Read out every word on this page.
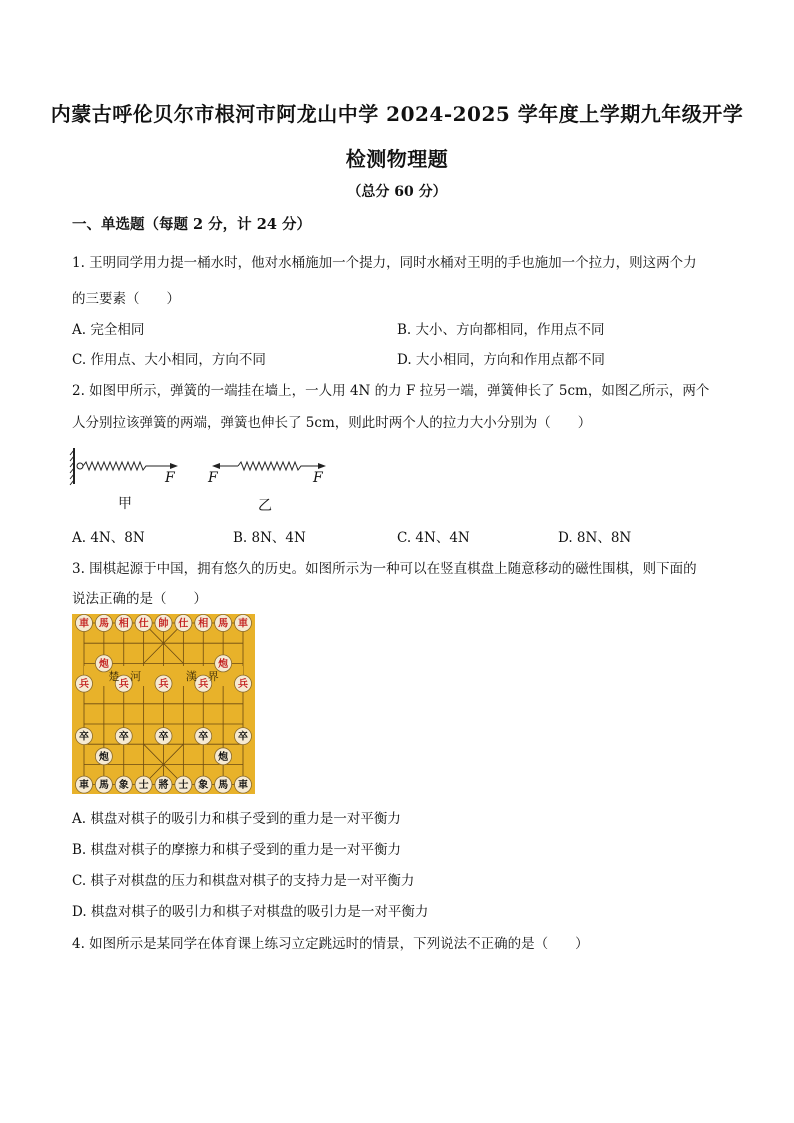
内蒙古呼伦贝尔市根河市阿龙山中学 2024-2025 学年度上学期九年级开学
检测物理题
（总分 60 分）
一、单选题（每题 2 分，计 24 分）
1. 王明同学用力提一桶水时，他对水桶施加一个提力，同时水桶对王明的手也施加一个拉力，则这两个力
的三要素（　　）
A. 完全相同	B. 大小、方向都相同，作用点不同
C. 作用点、大小相同，方向不同	D. 大小相同，方向和作用点都不同
2. 如图甲所示，弹簧的一端挂在墙上，一人用 4N 的力 F 拉另一端，弹簧伸长了 5cm，如图乙所示，两个
人分别拉该弹簧的两端，弹簧也伸长了 5cm，则此时两个人的拉力大小分别为（　　）
F F	F
甲	乙
A. 4N、8N	B. 8N、4N	C. 4N、4N	D. 8N、8N
3. 围棋起源于中国，拥有悠久的历史。如图所示为一种可以在竖直棋盘上随意移动的磁性围棋，则下面的
说法正确的是（　　）
車 馬 相 仕 帥 仕 相 馬 車
炮	炮
兵	兵	兵	兵	兵
卒	卒	卒	卒	卒
炮	炮
車 馬 象 士 將 士 象 馬 車
楚 河	漢 界
A. 棋盘对棋子的吸引力和棋子受到的重力是一对平衡力
B. 棋盘对棋子的摩擦力和棋子受到的重力是一对平衡力
C. 棋子对棋盘的压力和棋盘对棋子的支持力是一对平衡力
D. 棋盘对棋子的吸引力和棋子对棋盘的吸引力是一对平衡力
4. 如图所示是某同学在体育课上练习立定跳远时的情景，下列说法不正确的是（　　）
